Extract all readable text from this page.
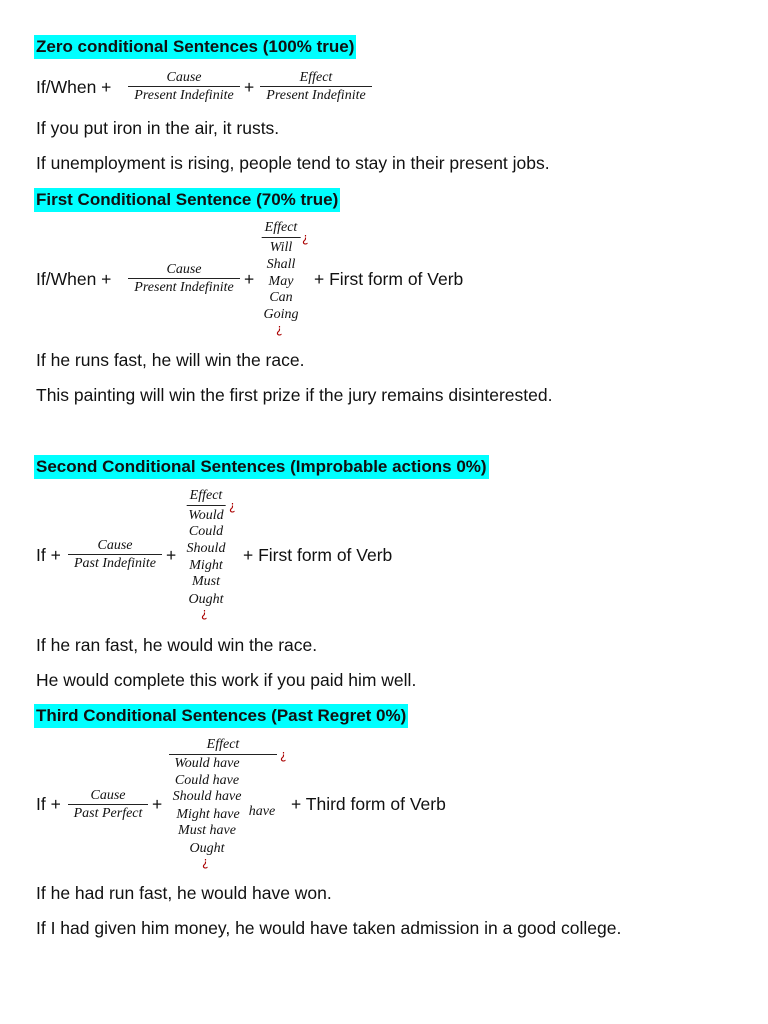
Zero conditional Sentences (100% true)
If/When +	Cause
Present Indefinite +	Effect
Present Indefinite
If you put iron in the air, it rusts.
If unemployment is rising, people tend to stay in their present jobs.
First Conditional Sentence (70% true)
If/When +	Cause
Present Indefinite +
Effect
¿
Will
Shall
May
Can
Going
¿
+ First form of Verb
If he runs fast, he will win the race.
This painting will win the first prize if the jury remains disinterested.
Second Conditional Sentences (Improbable actions 0%)
If +	Cause
Past Indefinite +
Effect
¿
Would
Could
Should
Might
Must
Ought
¿
+ First form of Verb
If he ran fast, he would win the race.
He would complete this work if you paid him well.
Third Conditional Sentences (Past Regret 0%)
If +	Cause
Past Perfect +
Effect
¿
Would have
Could have
Should have
Might have
Must have
Ought
¿
have + Third form of Verb
If he had run fast, he would have won.
If I had given him money, he would have taken admission in a good college.
